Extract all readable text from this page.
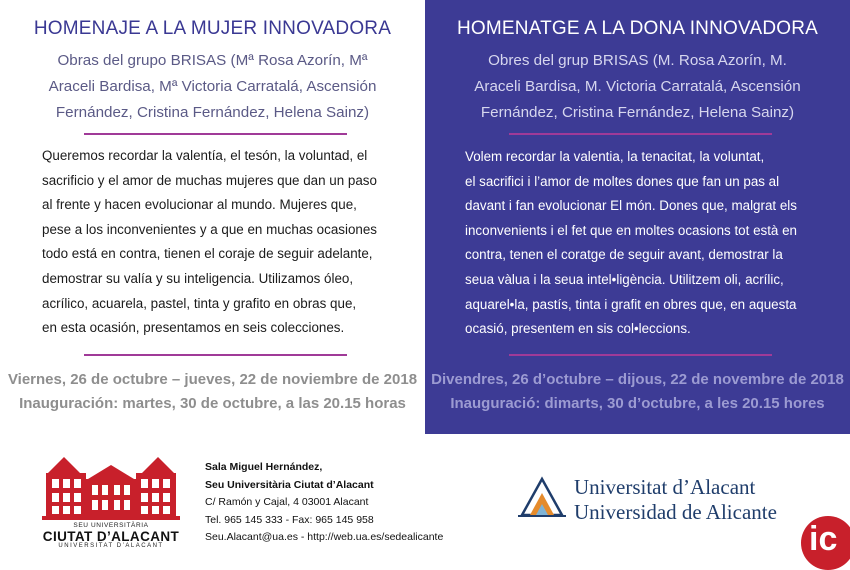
HOMENAJE A LA MUJER INNOVADORA
Obras del grupo BRISAS (Mª Rosa Azorín, Mª
Araceli Bardisa, Mª Victoria Carratalá, Ascensión
Fernández, Cristina Fernández, Helena Sainz)
Queremos recordar la valentía, el tesón, la voluntad, el
sacrificio y el amor de muchas mujeres que dan un paso
al frente y hacen evolucionar al mundo. Mujeres que,
pese a los inconvenientes y a que en muchas ocasiones
todo está en contra, tienen el coraje de seguir adelante,
demostrar su valía y su inteligencia. Utilizamos óleo,
acrílico, acuarela, pastel, tinta y grafito en obras que,
en esta ocasión, presentamos en seis colecciones.
Viernes, 26 de octubre – jueves, 22 de noviembre de 2018
Inauguración: martes, 30 de octubre, a las 20.15 horas
HOMENATGE A LA DONA INNOVADORA
Obres del grup BRISAS (M. Rosa Azorín, M.
Araceli Bardisa, M. Victoria Carratalá, Ascensión
Fernández, Cristina Fernández, Helena Sainz)
Volem recordar la valentia, la tenacitat, la voluntat,
el sacrifici i l’amor de moltes dones que fan un pas al
davant i fan evolucionar El món. Dones que, malgrat els
inconvenients i el fet que en moltes ocasions tot està en
contra, tenen el coratge de seguir avant, demostrar la
seua vàlua i la seua intel•ligència. Utilitzem oli, acrílic,
aquarel•la, pastís, tinta i grafit en obres que, en aquesta
ocasió, presentem en sis col•leccions.
Divendres, 26 d’octubre – dijous, 22 de novembre de 2018
Inauguració: dimarts, 30 d’octubre, a les 20.15 hores
SEU UNIVERSITÀRIA
CIUTAT D’ALACANT
UNIVERSITAT D’ALACANT
Sala Miguel Hernández,
Seu Universitària Ciutat d’Alacant
C/ Ramón y Cajal, 4 03001 Alacant
Tel. 965 145 333 - Fax: 965 145 958
Seu.Alacant@ua.es - http://web.ua.es/sedealicante
Universitat d’Alacant
Universidad de Alicante
ic
